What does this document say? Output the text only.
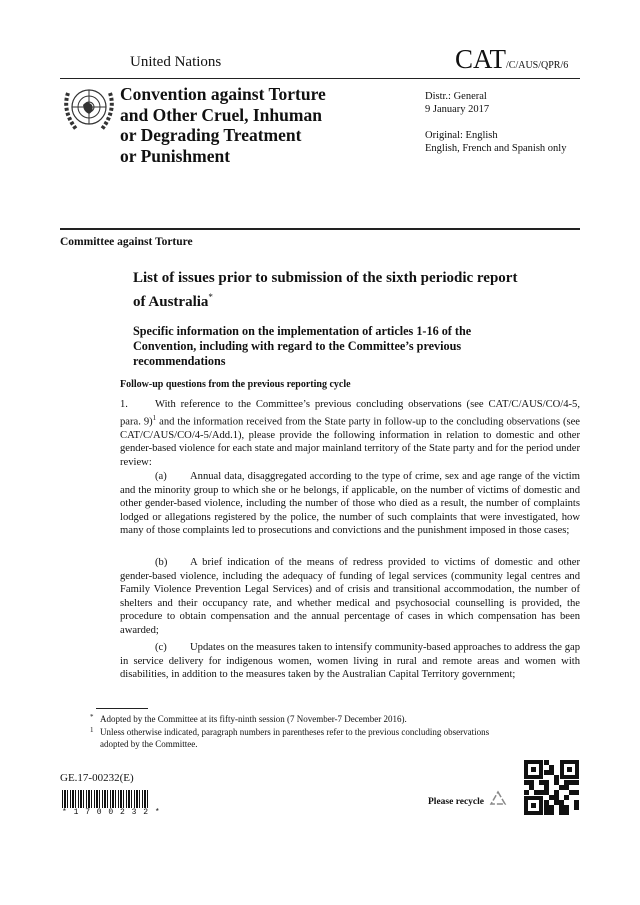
United Nations	CAT/C/AUS/QPR/6
Convention against Torture
and Other Cruel, Inhuman
or Degrading Treatment
or Punishment
Distr.: General
9 January 2017
Original: English
English, French and Spanish only
Committee against Torture
List of issues prior to submission of the sixth periodic report
of Australia*
Specific information on the implementation of articles 1-16 of the Convention, including with regard to the Committee’s previous recommendations
Follow-up questions from the previous reporting cycle
1.	With reference to the Committee’s previous concluding observations (see CAT/C/AUS/CO/4-5, para. 9)$^1$ and the information received from the State party in follow-up to the concluding observations (see CAT/C/AUS/CO/4-5/Add.1), please provide the following information in relation to domestic and other gender-based violence for each state and major mainland territory of the State party and for the period under review:
(a) Annual data, disaggregated according to the type of crime, sex and age range of the victim and the minority group to which she or he belongs, if applicable, on the number of victims of domestic and other gender-based violence, including the number of those who died as a result, the number of complaints lodged or allegations registered by the police, the number of such complaints that were investigated, how many of those complaints led to prosecutions and convictions and the punishment imposed in those cases;
(b) A brief indication of the means of redress provided to victims of domestic and other gender-based violence, including the adequacy of funding of legal services (community legal centres and Family Violence Prevention Legal Services) and of crisis and transitional accommodation, the number of shelters and their occupancy rate, and whether medical and psychosocial counselling is provided, the procedure to obtain compensation and the annual percentage of cases in which compensation has been awarded;
(c) Updates on the measures taken to intensify community-based approaches to address the gap in service delivery for indigenous women, women living in rural and remote areas and women with disabilities, in addition to the measures taken by the Australian Capital Territory government;
* Adopted by the Committee at its fifty-ninth session (7 November-7 December 2016).
1 Unless otherwise indicated, paragraph numbers in parentheses refer to the previous concluding observations adopted by the Committee.
GE.17-00232(E)
* 1 7 0 0 2 3 2 *
Please recycle
